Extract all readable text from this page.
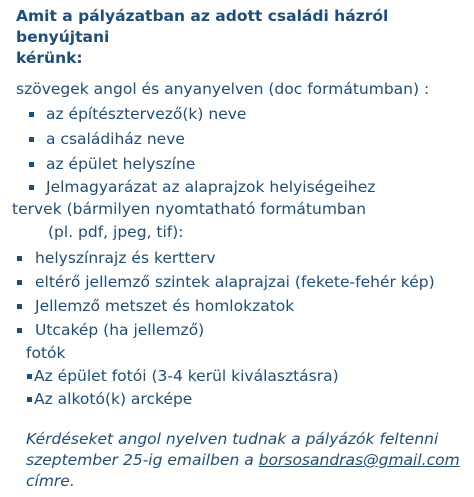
Amit a pályázatban az adott családi házról benyújtani
kérünk:
szövegek angol és anyanyelven (doc formátumban) :
az építésztervező(k) neve
a családiház neve
az épület helyszíne
Jelmagyarázat az alaprajzok helyiségeihez
tervek (bármilyen nyomtatható formátumban
(pl. pdf, jpeg, tif):
helyszínrajz és kertterv
eltérő jellemző szintek alaprajzai (fekete-fehér kép)
Jellemző metszet és homlokzatok
Utcakép (ha jellemző)
fotók
Az épület fotói (3-4 kerül kiválasztásra)
Az alkotó(k) arcképe
Kérdéseket angol nyelven tudnak a pályázók feltenni
szeptember 25-ig emailben a borsosandras@gmail.com
címre.
